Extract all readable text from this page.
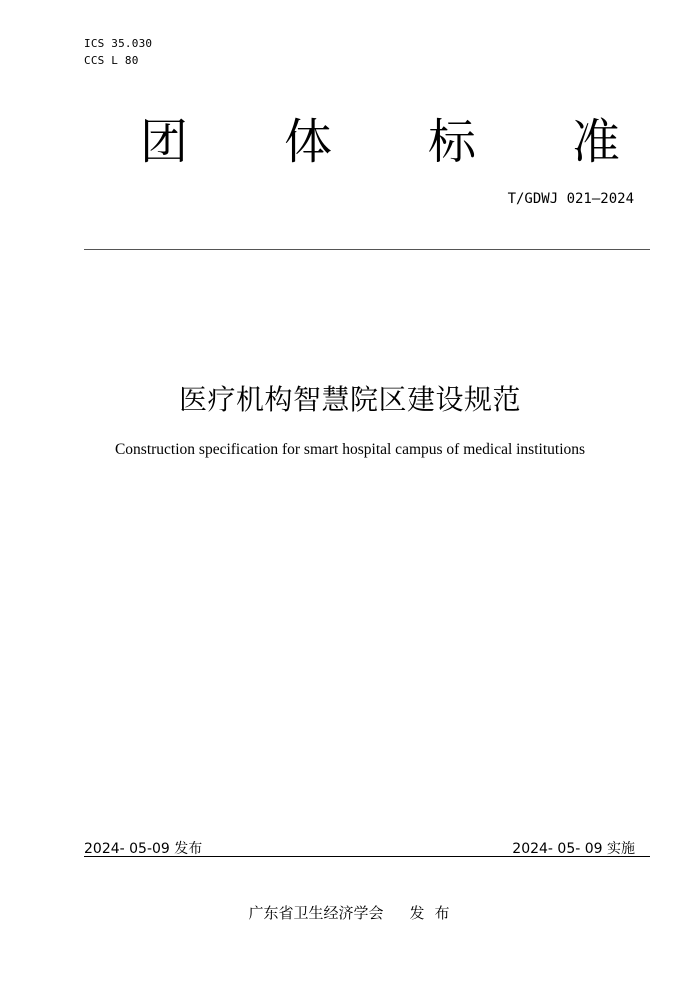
ICS 35.030
CCS L 80
团 体 标 准
T/GDWJ 021—2024
医疗机构智慧院区建设规范
Construction specification for smart hospital campus of medical institutions
2024- 05-09 发布	2024- 05- 09 实施
广东省卫生经济学会 发布
